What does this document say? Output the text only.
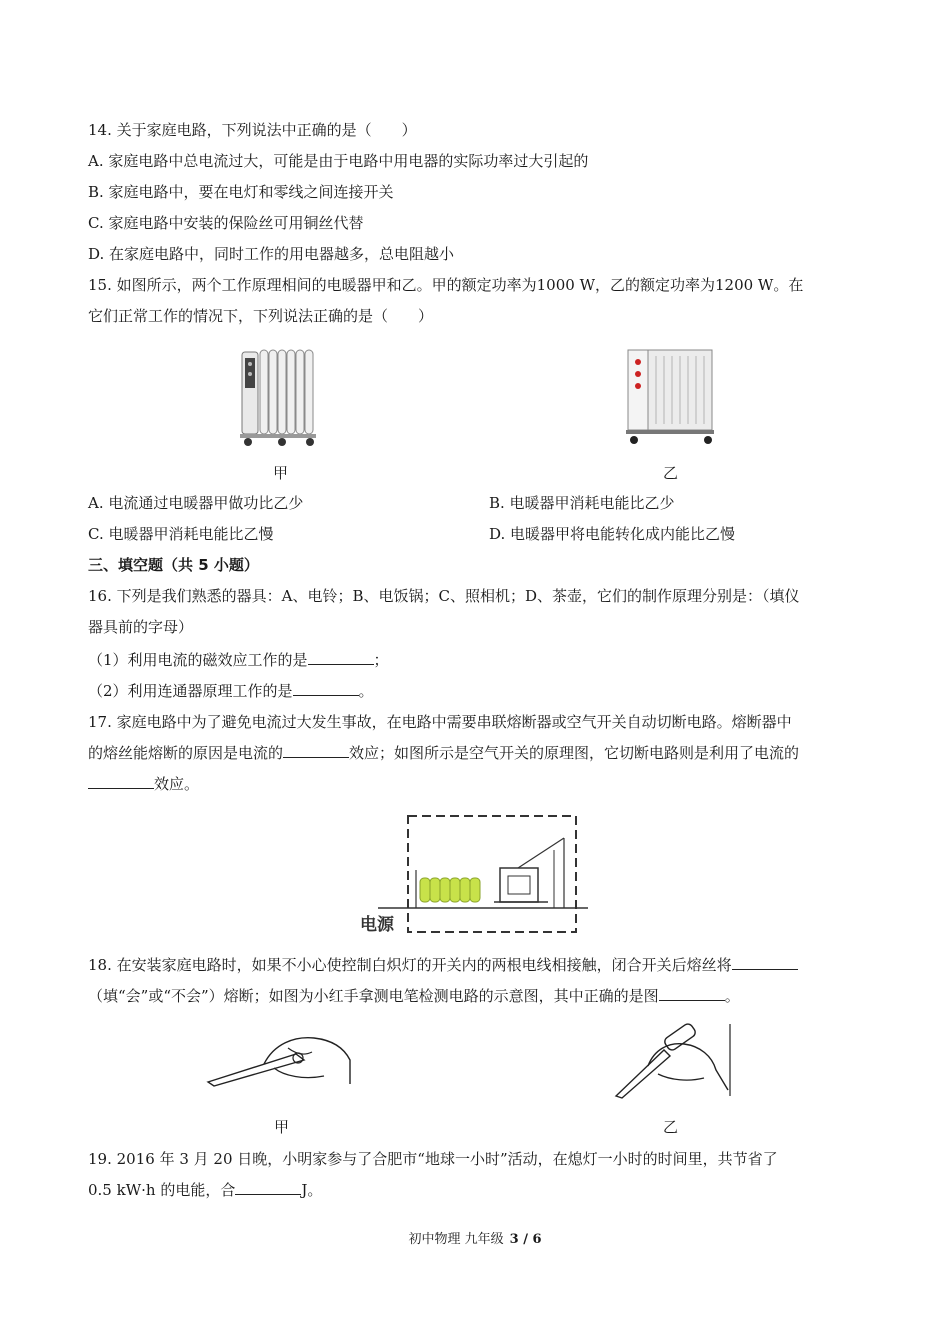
14. 关于家庭电路，下列说法中正确的是（　　）
A. 家庭电路中总电流过大，可能是由于电路中用电器的实际功率过大引起的
B. 家庭电路中，要在电灯和零线之间连接开关
C. 家庭电路中安装的保险丝可用铜丝代替
D. 在家庭电路中，同时工作的用电器越多，总电阻越小
15. 如图所示，两个工作原理相间的电暖器甲和乙。甲的额定功率为1000 W，乙的额定功率为1200 W。在
它们正常工作的情况下，下列说法正确的是（　　）
甲	乙
A. 电流通过电暖器甲做功比乙少	B. 电暖器甲消耗电能比乙少
C. 电暖器甲消耗电能比乙慢	D. 电暖器甲将电能转化成内能比乙慢
三、填空题（共 5 小题）
16. 下列是我们熟悉的器具：A、电铃；B、电饭锅；C、照相机；D、茶壶，它们的制作原理分别是：（填仪
器具前的字母）
（1）利用电流的磁效应工作的是	；
（2）利用连通器原理工作的是	。
17. 家庭电路中为了避免电流过大发生事故，在电路中需要串联熔断器或空气开关自动切断电路。熔断器中
的熔丝能熔断的原因是电流的	效应；如图所示是空气开关的原理图，它切断电路则是利用了电流的
效应。
电源
18. 在安装家庭电路时，如果不小心使控制白炽灯的开关内的两根电线相接触，闭合开关后熔丝将
（填“会”或“不会”）熔断；如图为小红手拿测电笔检测电路的示意图，其中正确的是图	。
甲	乙
19. 2016 年 3 月 20 日晚，小明家参与了合肥市“地球一小时”活动，在熄灯一小时的时间里，共节省了
0.5 kW·h 的电能，合	J。
初中物理 九年级 3 / 6
